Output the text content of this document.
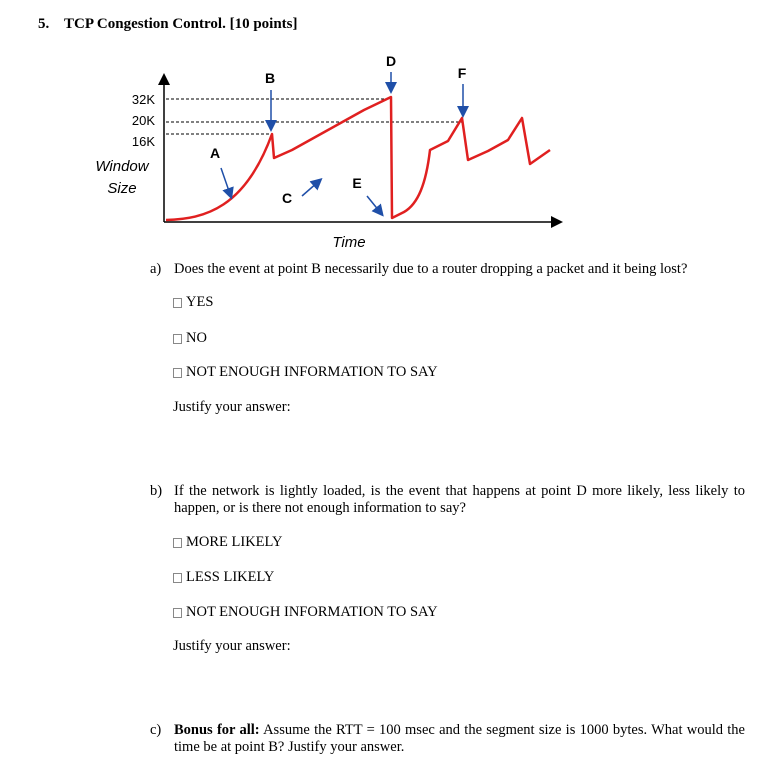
5. TCP Congestion Control. [10 points]
32K
20K
16K
Window
Size
Time
A
B
C
D
E
F
a) Does the event at point B necessarily due to a router dropping a packet and it being lost?
YES
NO
NOT ENOUGH INFORMATION TO SAY
Justify your answer:
b) If the network is lightly loaded, is the event that happens at point D more likely, less likely to happen, or is there not enough information to say?
MORE LIKELY
LESS LIKELY
NOT ENOUGH INFORMATION TO SAY
Justify your answer:
c) Bonus for all: Assume the RTT = 100 msec and the segment size is 1000 bytes. What would the time be at point B? Justify your answer.
